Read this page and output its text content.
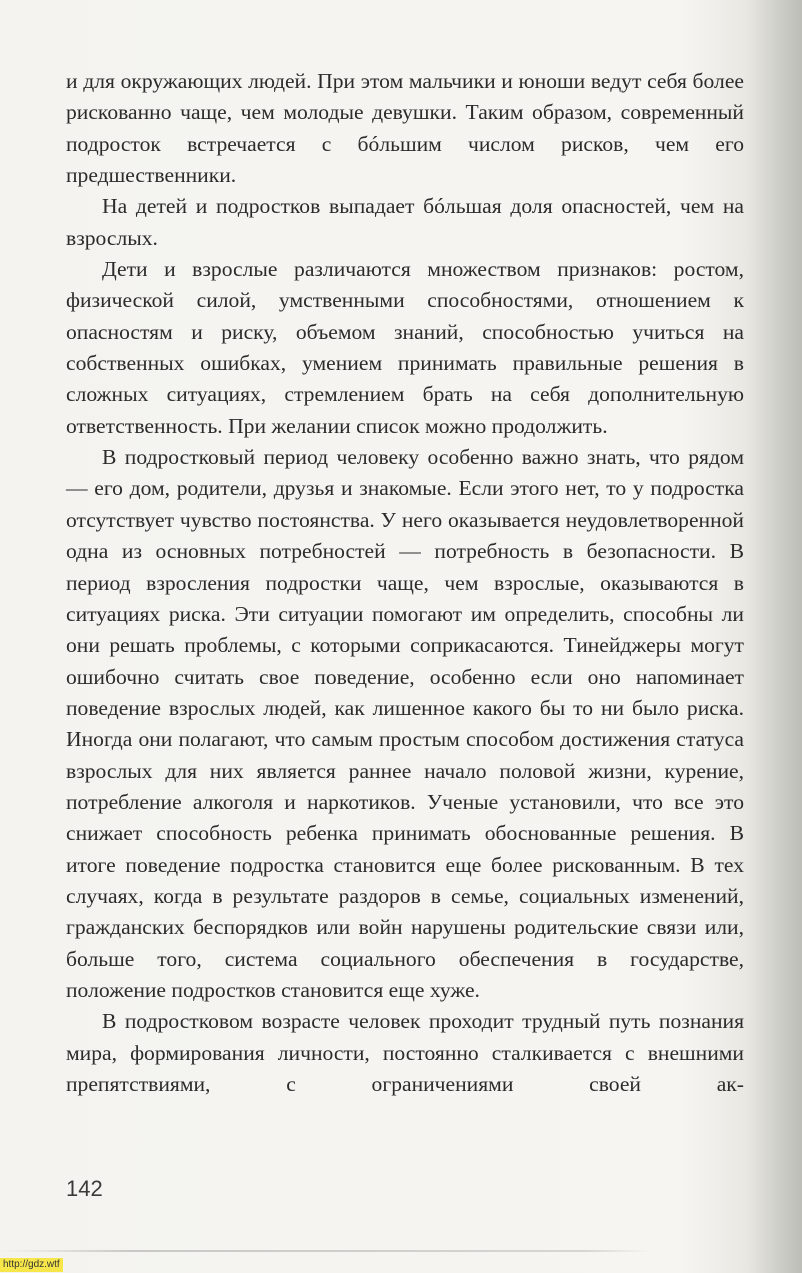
и для окружающих людей. При этом мальчики и юноши ведут себя более рискованно чаще, чем молодые девушки. Таким образом, современный подросток встречается с бóльшим числом рисков, чем его предшественники.

На детей и подростков выпадает бóльшая доля опасностей, чем на взрослых.

Дети и взрослые различаются множеством признаков: ростом, физической силой, умственными способностями, отношением к опасностям и риску, объемом знаний, способностью учиться на собственных ошибках, умением принимать правильные решения в сложных ситуациях, стремлением брать на себя дополнительную ответственность. При желании список можно продолжить.

В подростковый период человеку особенно важно знать, что рядом — его дом, родители, друзья и знакомые. Если этого нет, то у подростка отсутствует чувство постоянства. У него оказывается неудовлетворенной одна из основных потребностей — потребность в безопасности. В период взросления подростки чаще, чем взрослые, оказываются в ситуациях риска. Эти ситуации помогают им определить, способны ли они решать проблемы, с которыми соприкасаются. Тинейджеры могут ошибочно считать свое поведение, особенно если оно напоминает поведение взрослых людей, как лишенное какого бы то ни было риска. Иногда они полагают, что самым простым способом достижения статуса взрослых для них является раннее начало половой жизни, курение, потребление алкоголя и наркотиков. Ученые установили, что все это снижает способность ребенка принимать обоснованные решения. В итоге поведение подростка становится еще более рискованным. В тех случаях, когда в результате раздоров в семье, социальных изменений, гражданских беспорядков или войн нарушены родительские связи или, больше того, система социального обеспечения в государстве, положение подростков становится еще хуже.

В подростковом возрасте человек проходит трудный путь познания мира, формирования личности, постоянно сталкивается с внешними препятствиями, с ограничениями своей ак-

142
http://gdz.wtf
